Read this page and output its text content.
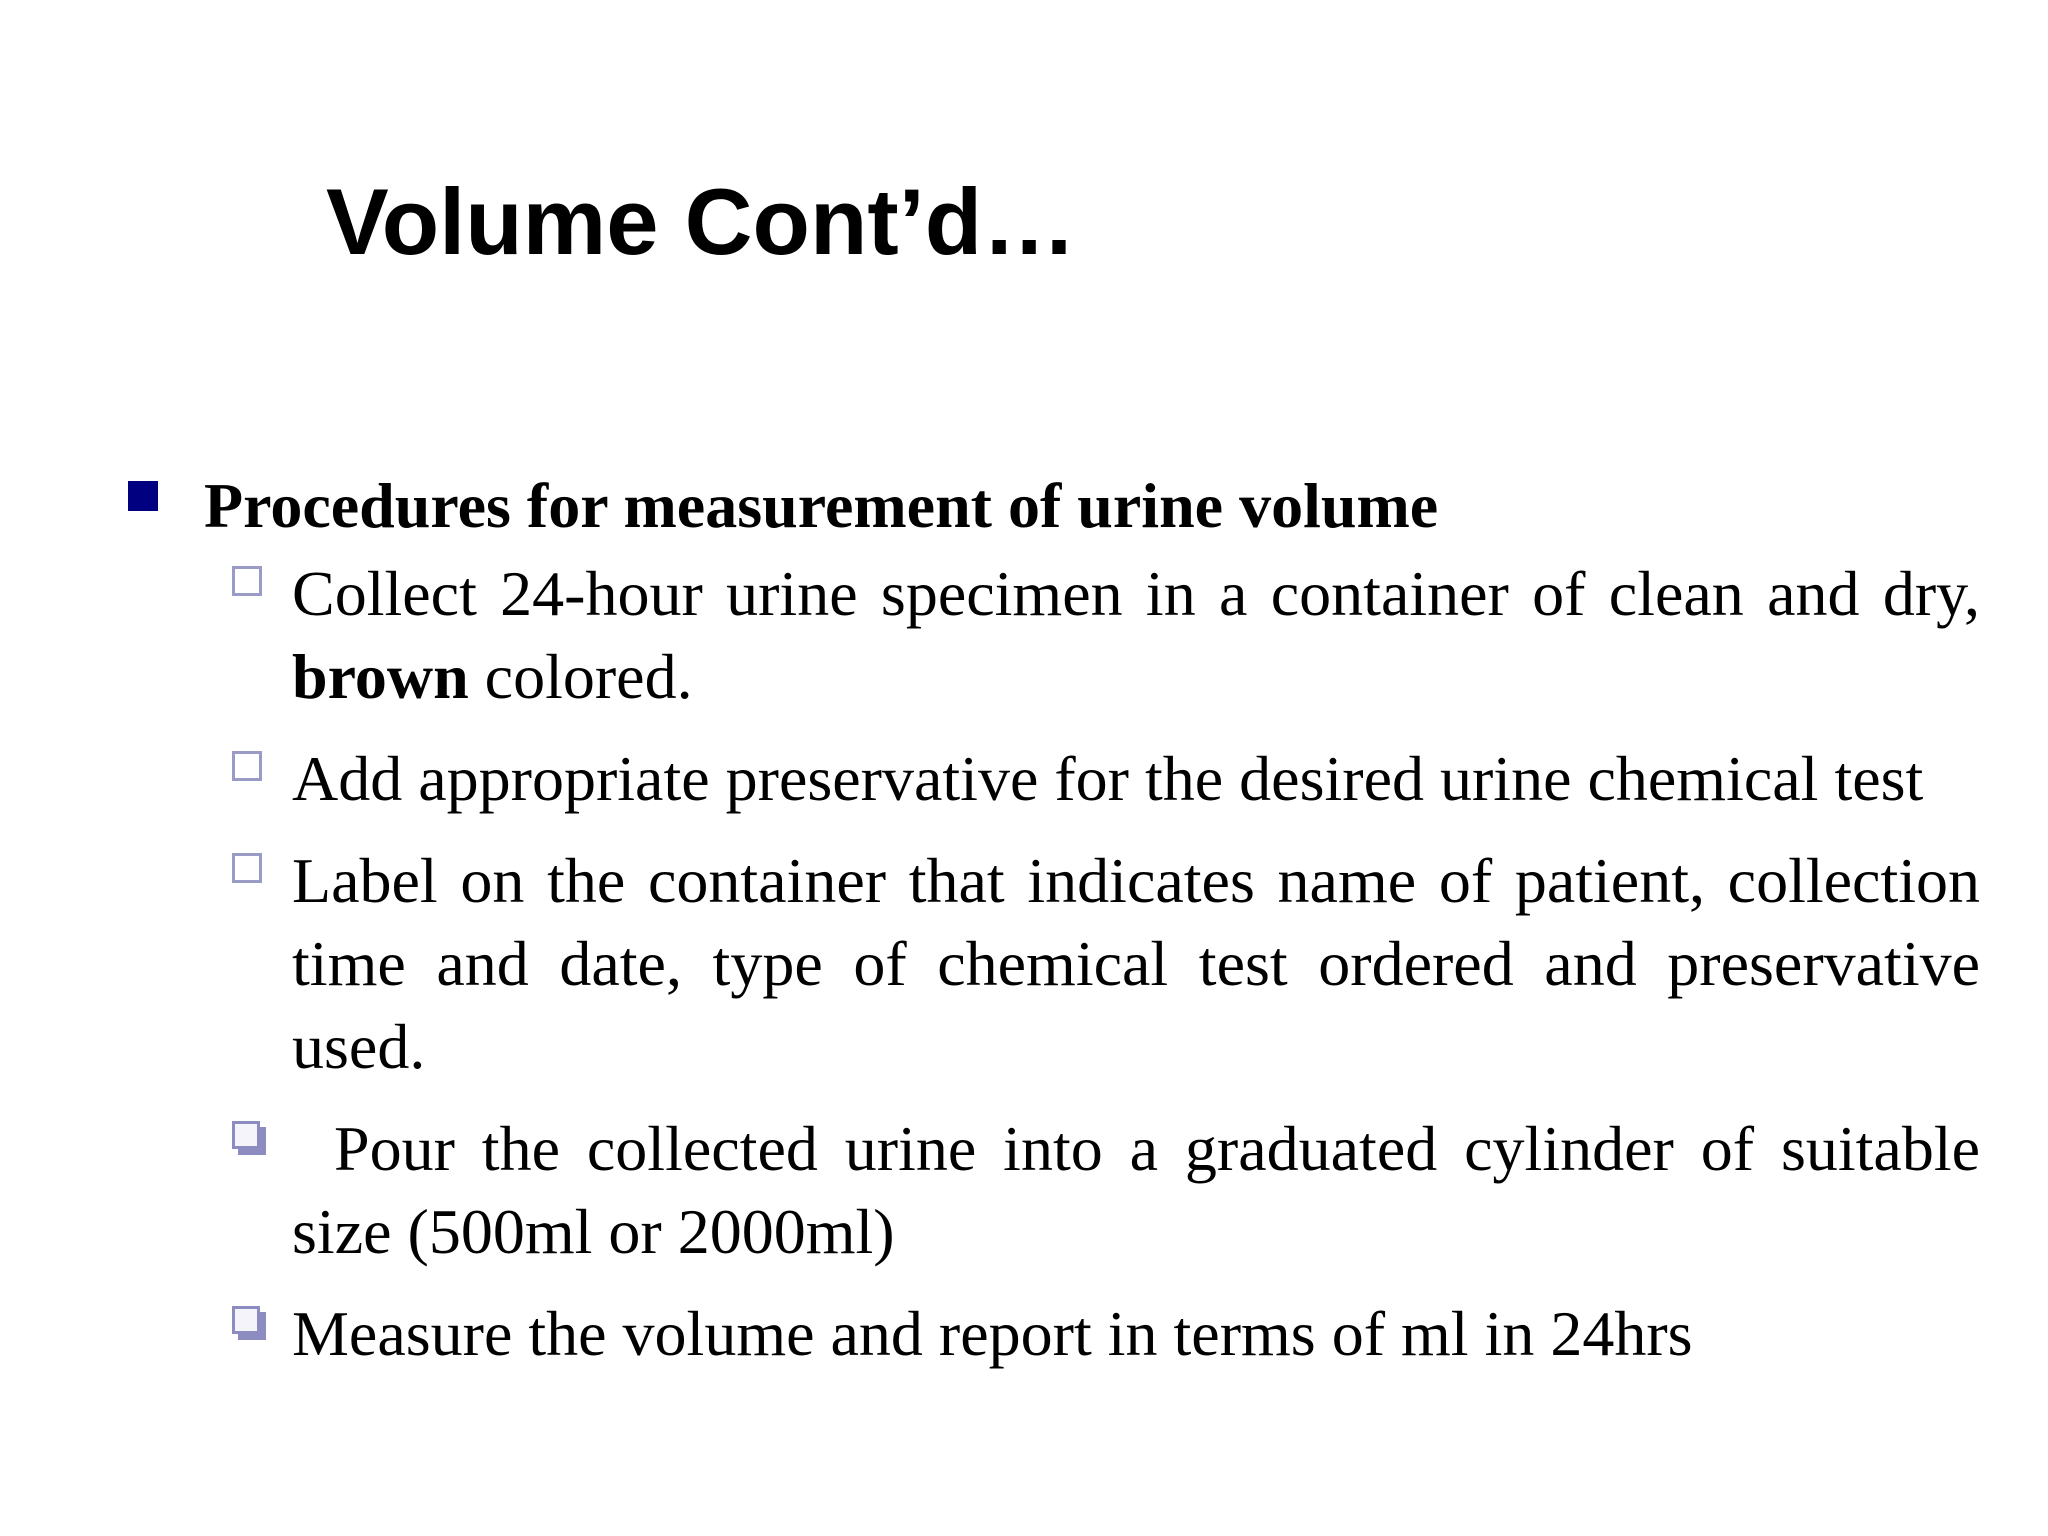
Volume Cont’d…
Procedures for measurement of urine volume
Collect 24-hour urine specimen in a container of clean and dry, brown colored.
Add appropriate preservative for the desired urine chemical test
Label on the container that indicates name of patient, collection time and date, type of chemical test ordered and preservative used.
Pour the collected urine into a graduated cylinder of suitable size (500ml or 2000ml)
Measure the volume and report in terms of ml in 24hrs
